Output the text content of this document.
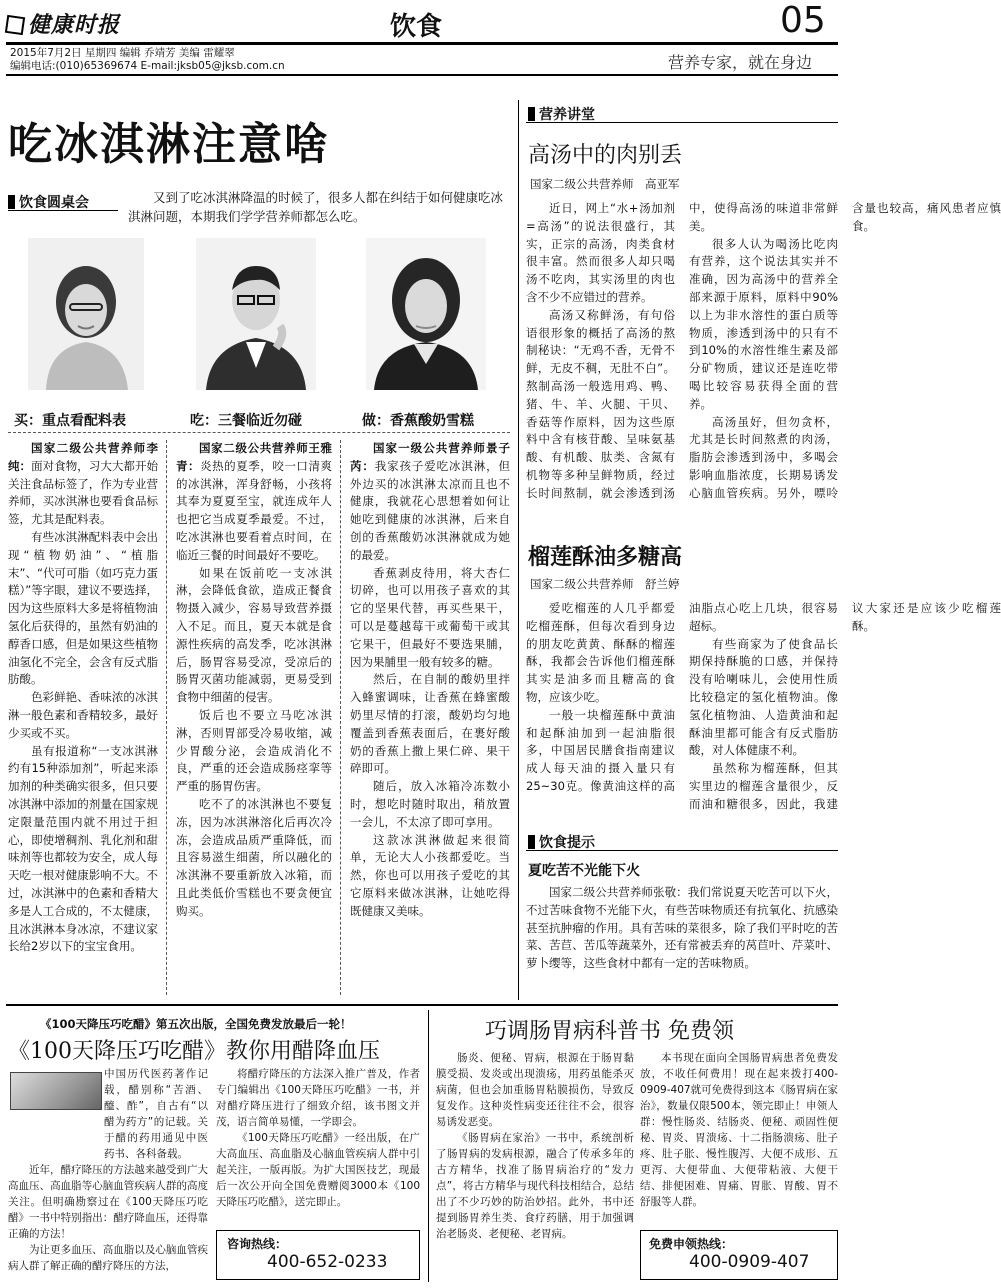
健康时报	饮食	05
2015年7月2日 星期四 编辑 乔靖芳 美编 雷耀翠
编辑电话:(010)65369674 E-mail:jksb05@jksb.com.cn	营养专家，就在身边
吃冰淇淋注意啥
饮食圆桌会	又到了吃冰淇淋降温的时候了，很多人都在纠结于如何健康吃冰淇淋问题，本期我们学学营养师都怎么吃。
买：重点看配料表	吃：三餐临近勿碰	做：香蕉酸奶雪糕

国家二级公共营养师李纯：面对食物，习大大都开始关注食品标签了，作为专业营养师，买冰淇淋也要看食品标签，尤其是配料表。

有些冰淇淋配料表中会出现“植物奶油”、“植脂末”、“代可可脂（如巧克力蛋糕）”等字眼，建议不要选择，因为这些原料大多是将植物油氢化后获得的，虽然有奶油的醇香口感，但是如果这些植物油氢化不完全，会含有反式脂肪酸。

色彩鲜艳、香味浓的冰淇淋一般色素和香精较多，最好少买或不买。

虽有报道称“一支冰淇淋约有15种添加剂”，听起来添加剂的种类确实很多，但只要冰淇淋中添加的剂量在国家规定限量范围内就不用过于担心，即使增稠剂、乳化剂和甜味剂等也都较为安全，成人每天吃一根对健康影响不大。不过，冰淇淋中的色素和香精大多是人工合成的，不太健康，且冰淇淋本身冰凉，不建议家长给2岁以下的宝宝食用。

国家二级公共营养师王雅青：炎热的夏季，咬一口清爽的冰淇淋，浑身舒畅，小孩将其奉为夏夏至宝，就连成年人也把它当成夏季最爱。不过，吃冰淇淋也要看着点时间，在临近三餐的时间最好不要吃。

如果在饭前吃一支冰淇淋，会降低食欲，造成正餐食物摄入减少，容易导致营养摄入不足。而且，夏天本就是食源性疾病的高发季，吃冰淇淋后，肠胃容易受凉，受凉后的肠胃灭菌功能减弱，更易受到食物中细菌的侵害。

饭后也不要立马吃冰淇淋，否则胃部受冷易收缩，减少胃酸分泌，会造成消化不良，严重的还会造成肠痉挛等严重的肠胃伤害。

吃不了的冰淇淋也不要复冻，因为冰淇淋溶化后再次冷冻，会造成品质严重降低，而且容易滋生细菌，所以融化的冰淇淋不要重新放入冰箱，而且此类低价雪糕也不要贪便宜购买。

国家一级公共营养师景子芮：我家孩子爱吃冰淇淋，但外边买的冰淇淋太凉而且也不健康，我就花心思想着如何让她吃到健康的冰淇淋，后来自创的香蕉酸奶冰淇淋就成为她的最爱。

香蕉剥皮待用，将大杏仁切碎，也可以用孩子喜欢的其它的坚果代替，再买些果干，可以是蔓越莓干或葡萄干或其它果干，但最好不要选果脯，因为果脯里一般有较多的糖。

然后，在自制的酸奶里拌入蜂蜜调味，让香蕉在蜂蜜酸奶里尽情的打滚，酸奶均匀地覆盖到香蕉表面后，在裹好酸奶的香蕉上撒上果仁碎、果干碎即可。

随后，放入冰箱冷冻数小时，想吃时随时取出，稍放置一会儿，不太凉了即可享用。

这款冰淇淋做起来很简单，无论大人小孩都爱吃。当然，你也可以用孩子爱吃的其它原料来做冰淇淋，让她吃得既健康又美味。

营养讲堂
高汤中的肉别丢
国家二级公共营养师　高亚军

近日，网上“水+汤加剂=高汤”的说法很盛行，其实，正宗的高汤，肉类食材很丰富。然而很多人却只喝汤不吃肉，其实汤里的肉也含不少不应错过的营养。

高汤又称鲜汤，有句俗语很形象的概括了高汤的熬制秘诀：“无鸡不香，无骨不鲜，无皮不稠，无肚不白”。熬制高汤一般选用鸡、鸭、猪、牛、羊、火腿、干贝、香菇等作原料，因为这些原料中含有核苷酸、呈味氨基酸、有机酸、肽类、含氮有机物等多种呈鲜物质，经过长时间熬制，就会渗透到汤中，使得高汤的味道非常鲜美。

很多人认为喝汤比吃肉有营养，这个说法其实并不准确，因为高汤中的营养全部来源于原料，原料中90%以上为非水溶性的蛋白质等物质，渗透到汤中的只有不到10%的水溶性维生素及部分矿物质，建议还是连吃带喝比较容易获得全面的营养。

高汤虽好，但勿贪杯，尤其是长时间熬煮的肉汤，脂肪会渗透到汤中，多喝会影响血脂浓度，长期易诱发心脑血管疾病。另外，嘌呤含量也较高，痛风患者应慎食。

榴莲酥油多糖高
国家二级公共营养师　舒兰婷

爱吃榴莲的人几乎都爱吃榴莲酥，但每次看到身边的朋友吃黄黄、酥酥的榴莲酥，我都会告诉他们榴莲酥其实是油多而且糖高的食物，应该少吃。

一般一块榴莲酥中黄油和起酥油加到一起油脂很多，中国居民膳食指南建议成人每天油的摄入量只有25~30克。像黄油这样的高油脂点心吃上几块，很容易超标。

有些商家为了使食品长期保持酥脆的口感，并保持没有哈喇味儿，会使用性质比较稳定的氢化植物油。像氢化植物油、人造黄油和起酥油里都可能含有反式脂肪酸，对人体健康不利。

虽然称为榴莲酥，但其实里边的榴莲含量很少，反而油和糖很多，因此，我建议大家还是应该少吃榴莲酥。

饮食提示
夏吃苦不光能下火

国家二级公共营养师张敬：我们常说夏天吃苦可以下火，不过苦味食物不光能下火，有些苦味物质还有抗氧化、抗感染甚至抗肿瘤的作用。具有苦味的菜很多，除了我们平时吃的苦菜、苦苣、苦瓜等蔬菜外，还有常被丢弃的莴苣叶、芹菜叶、萝卜缨等，这些食材中都有一定的苦味物质。

《100天降压巧吃醋》第五次出版，全国免费发放最后一轮！
《100天降压巧吃醋》教你用醋降血压
巧调肠胃病科普书 免费领

中国历代医药著作记载，醋别称“苦酒、醯、酢”，自古有“以醋为药方”的记载。关于醋的药用通见中医药书、各科备载。

近年，醋疗降压的方法越来越受到广大高血压、高血脂等心脑血管疾病人群的高度关注。但明确勘察过在《100天降压巧吃醋》一书中特别指出：醋疗降血压，还得靠正确的方法！

为让更多血压、高血脂以及心脑血管疾病人群了解正确的醋疗降压的方法，

将醋疗降压的方法深入推广普及，作者专门编辑出《100天降压巧吃醋》一书，并对醋疗降压进行了细致介绍，该书图文并茂，语言简单易懂，一学即会。

《100天降压巧吃醋》一经出版，在广大高血压、高血脂及心脑血管疾病人群中引起关注，一版再版。为扩大国医技艺，现最后一次公开向全国免费赠阅3000本《100天降压巧吃醋》，送完即止。

咨询热线：
400-652-0233

肠炎、便秘、胃病，根源在于肠胃黏膜受损、发炎或出现溃疡，用药虽能杀灭病菌，但也会加重肠胃粘膜损伤，导致反复发作。这种炎性病变还往往不会，很容易诱发恶变。

《肠胃病在家治》一书中，系统剖析了肠胃病的发病根源，融合了传承多年的古方精华，找准了肠胃病治疗的“发力点”，将古方精华与现代科技相结合，总结出了不少巧妙的防治妙招。此外，书中还提到肠胃养生类、食疗药膳，用于加强调治老肠炎、老便秘、老胃病。

本书现在面向全国肠胃病患者免费发放，不收任何费用！现在起来拨打400-0909-407就可免费得到这本《肠胃病在家治》，数量仅限500本，领完即止！申领人群：慢性肠炎、结肠炎、便秘、顽固性便秘、胃炎、胃溃疡、十二指肠溃疡、肚子疼、肚子胀、慢性腹泻、大便不成形、五更泻、大便带血、大便带粘液、大便干结、排便困难、胃痛、胃胀、胃酸、胃不舒服等人群。

免费申领热线：
400-0909-407
